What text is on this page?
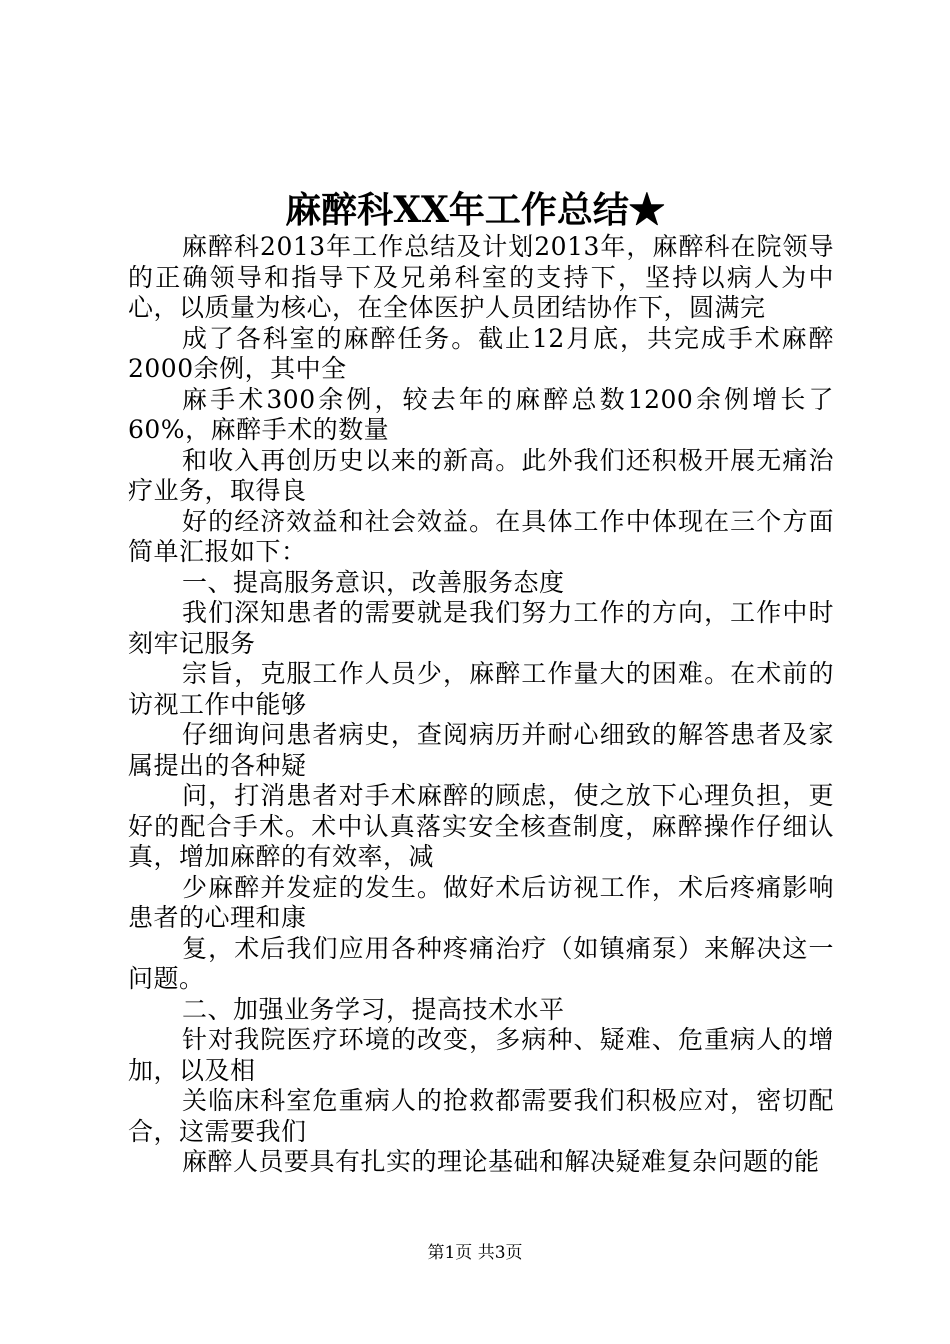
麻醉科XX年工作总结★

麻醉科2013年工作总结及计划2013年，麻醉科在院领导的正确领导和指导下及兄弟科室的支持下，坚持以病人为中心，以质量为核心，在全体医护人员团结协作下，圆满完

成了各科室的麻醉任务。截止12月底，共完成手术麻醉2000余例，其中全

麻手术300余例，较去年的麻醉总数1200余例增长了60%，麻醉手术的数量

和收入再创历史以来的新高。此外我们还积极开展无痛治疗业务，取得良

好的经济效益和社会效益。在具体工作中体现在三个方面简单汇报如下：

一、提高服务意识，改善服务态度

我们深知患者的需要就是我们努力工作的方向，工作中时刻牢记服务

宗旨，克服工作人员少，麻醉工作量大的困难。在术前的访视工作中能够

仔细询问患者病史，查阅病历并耐心细致的解答患者及家属提出的各种疑

问，打消患者对手术麻醉的顾虑，使之放下心理负担，更好的配合手术。术中认真落实安全核查制度，麻醉操作仔细认真，增加麻醉的有效率，减

少麻醉并发症的发生。做好术后访视工作，术后疼痛影响患者的心理和康

复，术后我们应用各种疼痛治疗（如镇痛泵）来解决这一问题。

二、加强业务学习，提高技术水平

针对我院医疗环境的改变，多病种、疑难、危重病人的增加，以及相

关临床科室危重病人的抢救都需要我们积极应对，密切配合，这需要我们

麻醉人员要具有扎实的理论基础和解决疑难复杂问题的能

第1页 共3页
